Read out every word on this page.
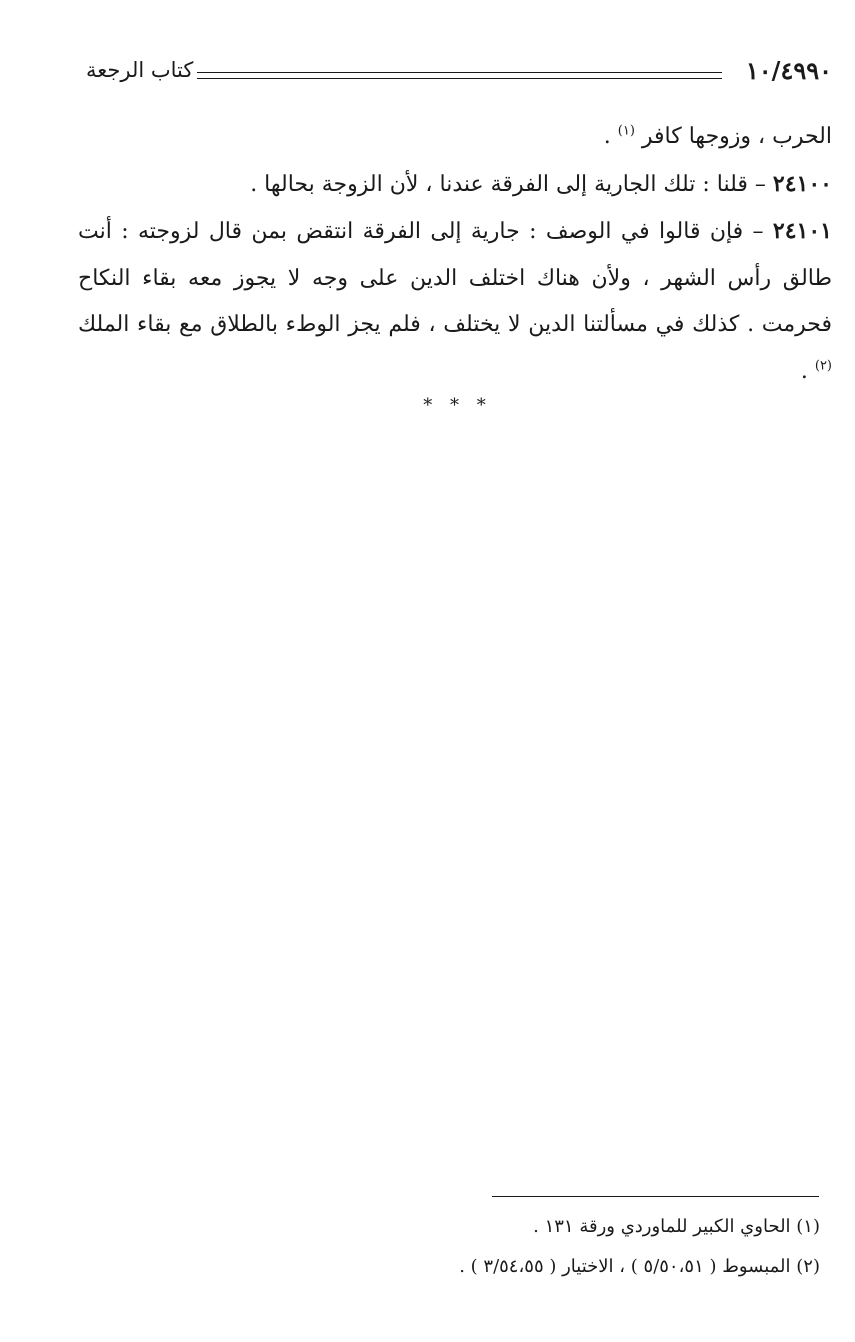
١٠/٤٩٩٠
كتاب الرجعة

الحرب ، وزوجها كافر $^{(١)}$ .

٢٤١٠٠ – قلنا : تلك الجارية إلى الفرقة عندنا ، لأن الزوجة بحالها .

٢٤١٠١ – فإن قالوا في الوصف : جارية إلى الفرقة انتقض بمن قال لزوجته : أنت طالق رأس الشهر ، ولأن هناك اختلف الدين على وجه لا يجوز معه بقاء النكاح فحرمت . كذلك في مسألتنا الدين لا يختلف ، فلم يجز الوطء بالطلاق مع بقاء الملك $^{(٢)}$ .

* * *

(١) الحاوي الكبير للماوردي ورقة ١٣١ .

(٢) المبسوط ( ٥/٥٠،٥١ ) ، الاختيار ( ٣/٥٤،٥٥ ) .
